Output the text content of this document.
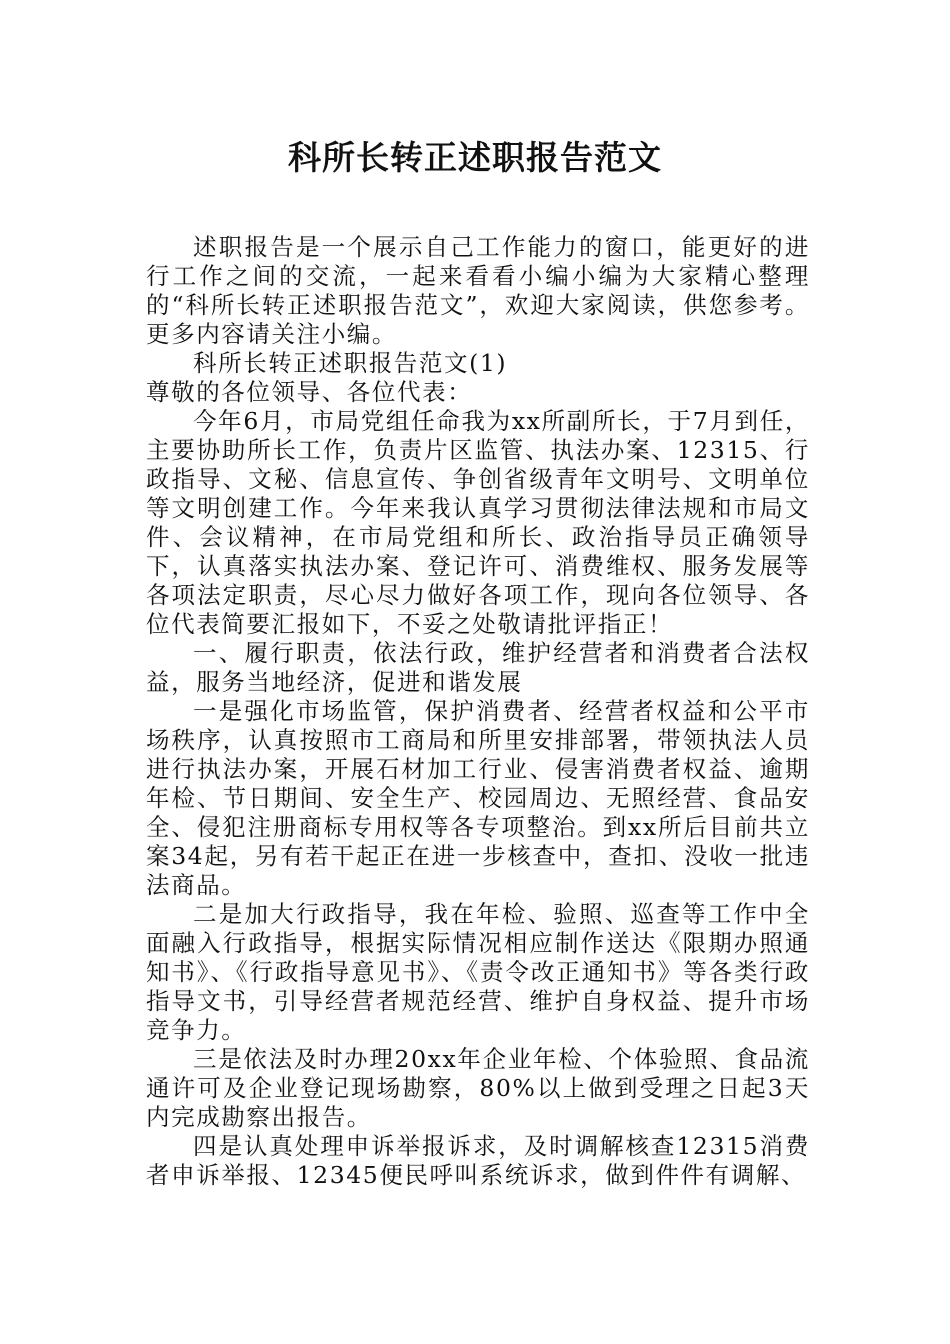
科所长转正述职报告范文

述职报告是一个展示自己工作能力的窗口，能更好的进行工作之间的交流，一起来看看小编小编为大家精心整理的“科所长转正述职报告范文”，欢迎大家阅读，供您参考。更多内容请关注小编。

科所长转正述职报告范文(1)

尊敬的各位领导、各位代表：

今年6月，市局党组任命我为xx所副所长，于7月到任，主要协助所长工作，负责片区监管、执法办案、12315、行政指导、文秘、信息宣传、争创省级青年文明号、文明单位等文明创建工作。今年来我认真学习贯彻法律法规和市局文件、会议精神，在市局党组和所长、政治指导员正确领导下，认真落实执法办案、登记许可、消费维权、服务发展等各项法定职责，尽心尽力做好各项工作，现向各位领导、各位代表简要汇报如下，不妥之处敬请批评指正！

一、履行职责，依法行政，维护经营者和消费者合法权益，服务当地经济，促进和谐发展

一是强化市场监管，保护消费者、经营者权益和公平市场秩序，认真按照市工商局和所里安排部署，带领执法人员进行执法办案，开展石材加工行业、侵害消费者权益、逾期年检、节日期间、安全生产、校园周边、无照经营、食品安全、侵犯注册商标专用权等各专项整治。到xx所后目前共立案34起，另有若干起正在进一步核查中，查扣、没收一批违法商品。

二是加大行政指导，我在年检、验照、巡查等工作中全面融入行政指导，根据实际情况相应制作送达《限期办照通知书》、《行政指导意见书》、《责令改正通知书》等各类行政指导文书，引导经营者规范经营、维护自身权益、提升市场竞争力。

三是依法及时办理20xx年企业年检、个体验照、食品流通许可及企业登记现场勘察，80%以上做到受理之日起3天内完成勘察出报告。

四是认真处理申诉举报诉求，及时调解核查12315消费者申诉举报、12345便民呼叫系统诉求，做到件件有调解、
